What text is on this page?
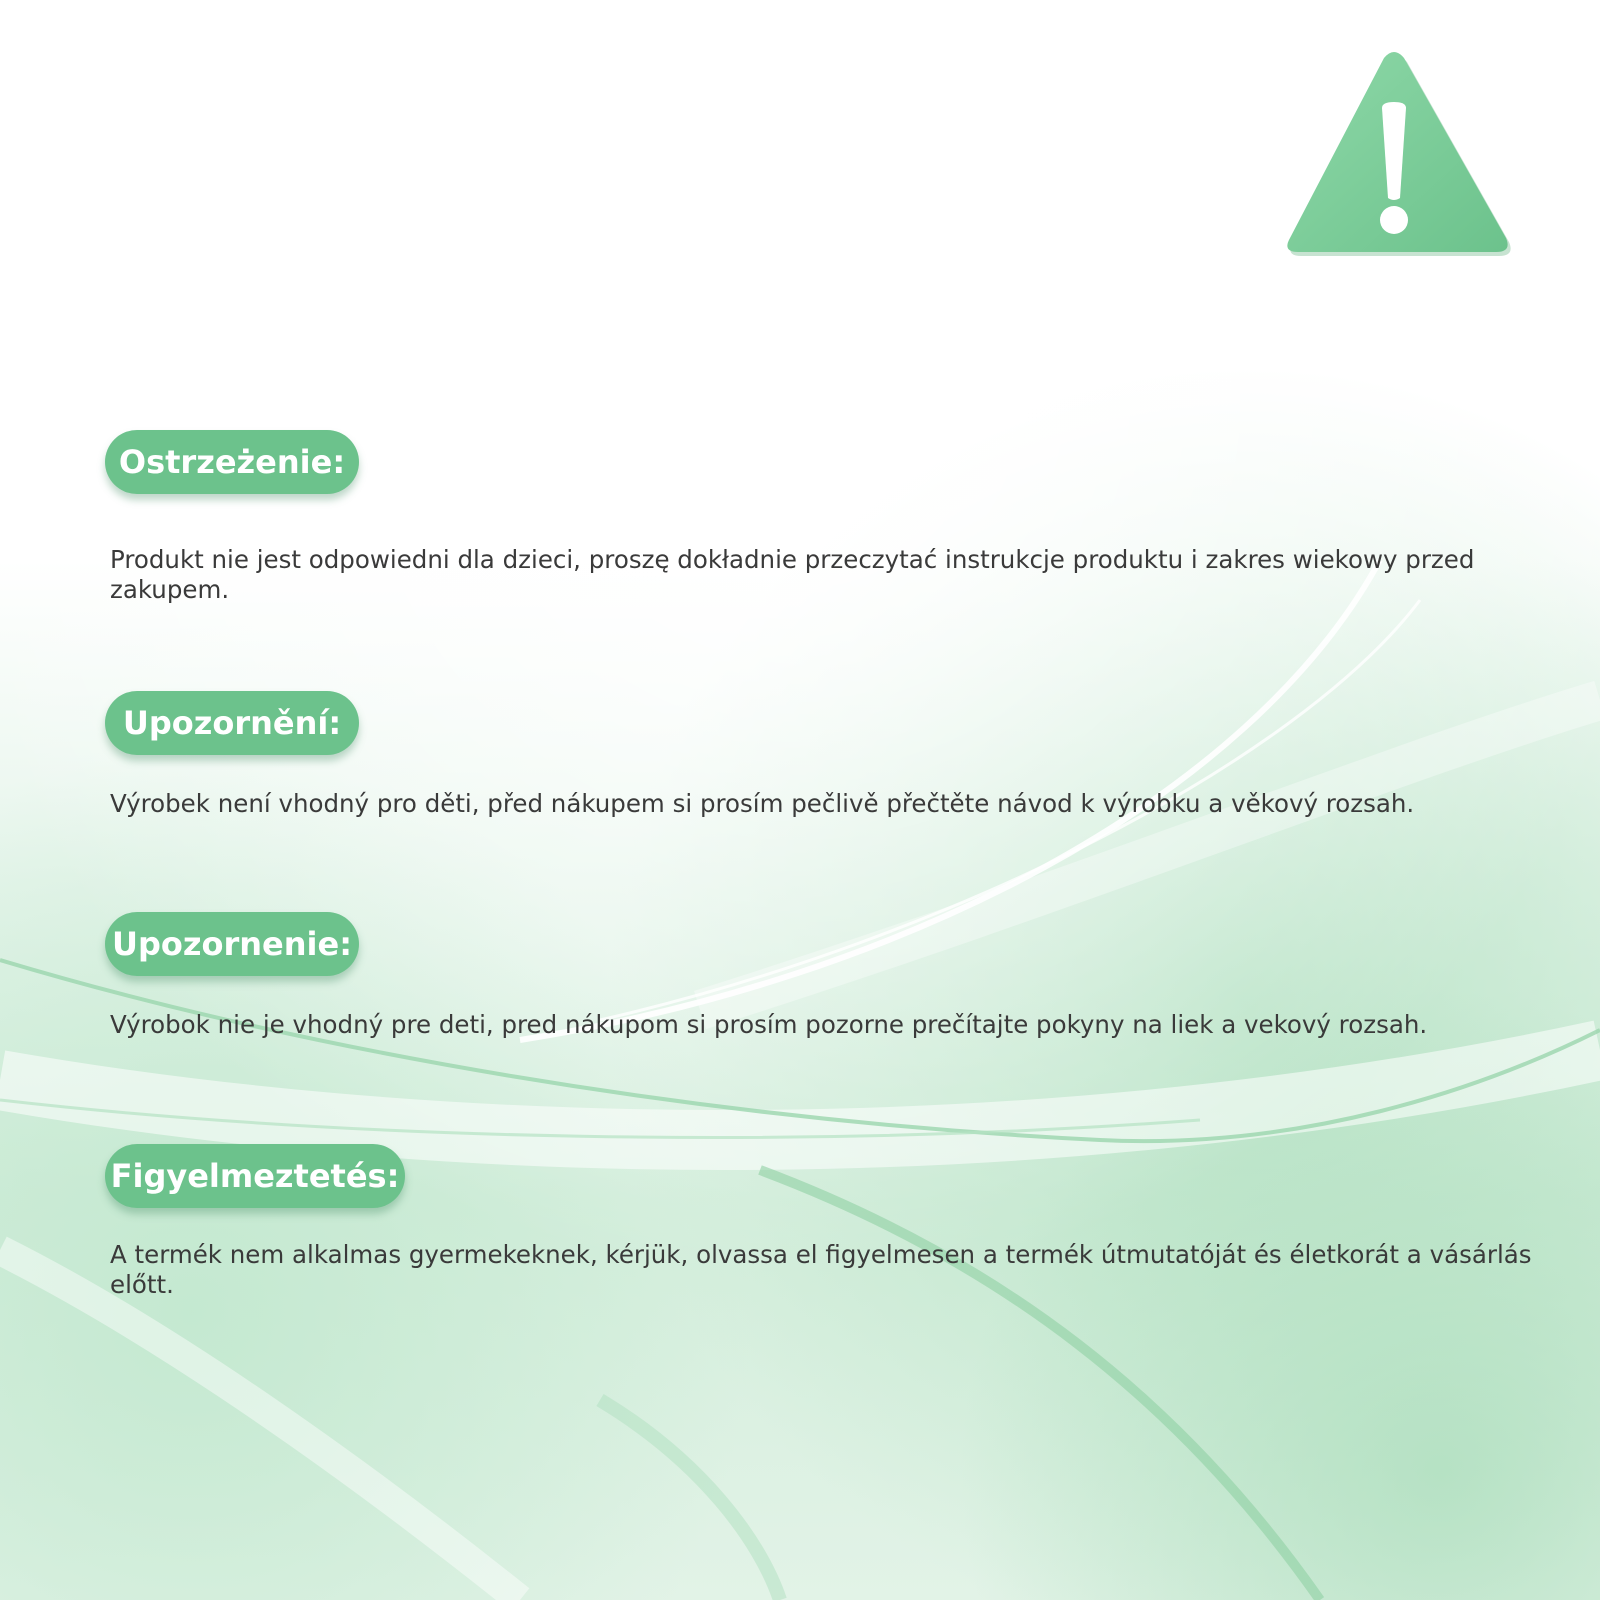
Ostrzeżenie:

Produkt nie jest odpowiedni dla dzieci, proszę dokładnie przeczytać instrukcje produktu i zakres wiekowy przed zakupem.

Upozornění:

Výrobek není vhodný pro děti, před nákupem si prosím pečlivě přečtěte návod k výrobku a věkový rozsah.

Upozornenie:

Výrobok nie je vhodný pre deti, pred nákupom si prosím pozorne prečítajte pokyny na liek a vekový rozsah.

Figyelmeztetés:

A termék nem alkalmas gyermekeknek, kérjük, olvassa el figyelmesen a termék útmutatóját és életkorát a vásárlás előtt.
